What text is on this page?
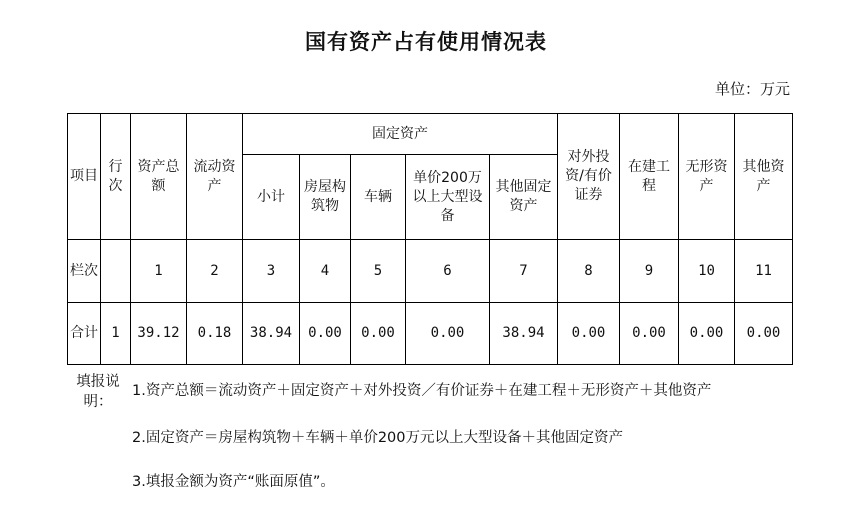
国有资产占有使用情况表
单位：万元
项目	行次	资产总额	流动资产	固定资产					对外投资/有价证券	在建工程	无形资产	其他资产
				小计	房屋构筑物	车辆	单价200万以上大型设备	其他固定资产				
栏次		1	2	3	4	5	6	7	8	9	10	11
合计	1	39.12	0.18	38.94	0.00	0.00	0.00	38.94	0.00	0.00	0.00	0.00
填报说明：
1.资产总额＝流动资产＋固定资产＋对外投资／有价证券＋在建工程＋无形资产＋其他资产
2.固定资产＝房屋构筑物＋车辆＋单价200万元以上大型设备＋其他固定资产
3.填报金额为资产“账面原值”。
